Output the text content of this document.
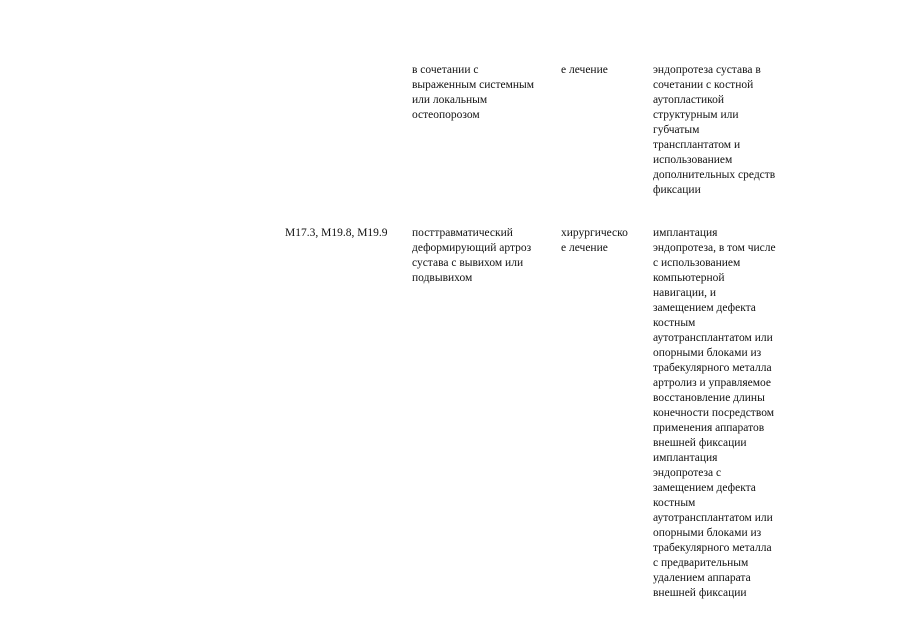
в сочетании с
выраженным системным
или локальным
остеопорозом
е лечение	эндопротеза сустава в
сочетании с костной
аутопластикой
структурным или
губчатым
трансплантатом и
использованием
дополнительных средств
фиксации
M17.3, M19.8, M19.9	посттравматический
деформирующий артроз
сустава с вывихом или
подвывихом
хирургическо
е лечение
имплантация
эндопротеза, в том числе
с использованием
компьютерной
навигации, и
замещением дефекта
костным
аутотрансплантатом или
опорными блоками из
трабекулярного металла
артролиз и управляемое
восстановление длины
конечности посредством
применения аппаратов
внешней фиксации
имплантация
эндопротеза с
замещением дефекта
костным
аутотрансплантатом или
опорными блоками из
трабекулярного металла
с предварительным
удалением аппарата
внешней фиксации
